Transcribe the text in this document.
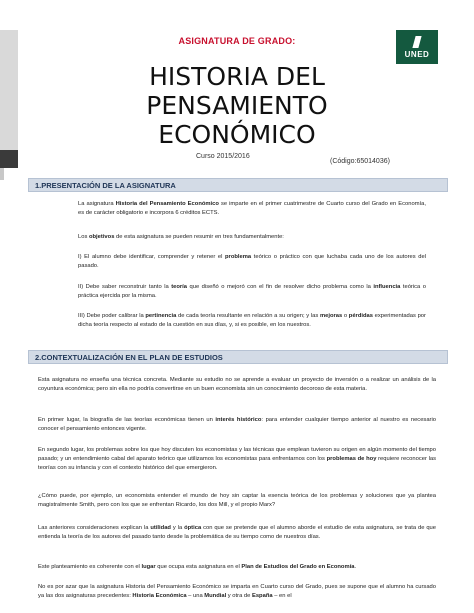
ASIGNATURA DE GRADO:
UNED
HISTORIA DEL
PENSAMIENTO
ECONÓMICO
Curso 2015/2016
(Código:65014036)
1.PRESENTACIÓN DE LA ASIGNATURA
La asignatura Historia del Pensamiento Económico se imparte en el primer cuatrimestre de Cuarto curso del Grado en Economía, es de carácter obligatorio e incorpora 6 créditos ECTS.
Los objetivos de esta asignatura se pueden resumir en tres fundamentalmente:
I) El alumno debe identificar, comprender y retener el problema teórico o práctico con que luchaba cada uno de los autores del pasado.
II) Debe saber reconstruir tanto la teoría que diseñó o mejoró con el fin de resolver dicho problema como la influencia teórica o práctica ejercida por la misma.
III) Debe poder calibrar la pertinencia de cada teoría resultante en relación a su origen; y las mejoras o pérdidas experimentadas por dicha teoría respecto al estado de la cuestión en sus días, y, si es posible, en los nuestros.
2.CONTEXTUALIZACIÓN EN EL PLAN DE ESTUDIOS
Esta asignatura no enseña una técnica concreta. Mediante su estudio no se aprende a evaluar un proyecto de inversión o a realizar un análisis de la coyuntura económica; pero sin ella no podría convertirse en un buen economista sin un conocimiento decoroso de esta materia.
En primer lugar, la biografía de las teorías económicas tienen un interés histórico: para entender cualquier tiempo anterior al nuestro es necesario conocer el pensamiento entonces vigente.
En segundo lugar, los problemas sobre los que hoy discuten los economistas y las técnicas que emplean tuvieron su origen en algún momento del tiempo pasado; y un entendimiento cabal del aparato teórico que utilizamos los economistas para enfrentarnos con los problemas de hoy requiere reconocer las teorías con su infancia y con el contexto histórico del que emergieron.
¿Cómo puede, por ejemplo, un economista entender el mundo de hoy sin captar la esencia teórica de los problemas y soluciones que ya plantea magistralmente Smith, pero con los que se enfrentan Ricardo, los dos Mill, y el propio Marx?
Las anteriores consideraciones explican la utilidad y la óptica con que se pretende que el alumno aborde el estudio de esta asignatura, se trata de que entienda la teoría de los autores del pasado tanto desde la problemática de su tiempo como de nuestros días.
Este planteamiento es coherente con el lugar que ocupa esta asignatura en el Plan de Estudios del Grado en Economía.
No es por azar que la asignatura Historia del Pensamiento Económico se imparta en Cuarto curso del Grado, pues se supone que el alumno ha cursado ya las dos asignaturas precedentes: Historia Económica – una Mundial y otra de España – en el
